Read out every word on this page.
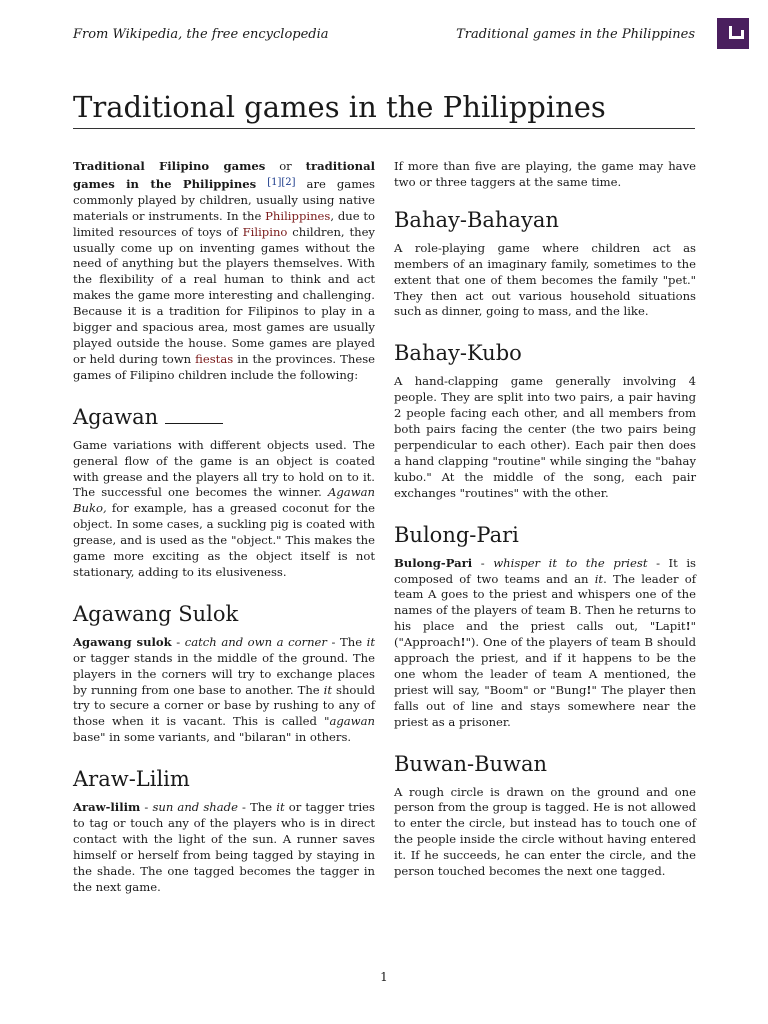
From Wikipedia, the free encyclopedia	Traditional games in the Philippines
Traditional games in the Philippines

Traditional Filipino games or traditional games in the Philippines [1][2] are games commonly played by children, usually using native materials or instruments. In the Philippines, due to limited resources of toys of Filipino children, they usually come up on inventing games without the need of anything but the players themselves. With the flexibility of a real human to think and act makes the game more interesting and challenging. Because it is a tradition for Filipinos to play in a bigger and spacious area, most games are usually played outside the house. Some games are played or held during town fiestas in the provinces. These games of Filipino children include the following:

Agawan

Game variations with different objects used. The general flow of the game is an object is coated with grease and the players all try to hold on to it. The successful one becomes the winner. Agawan Buko, for example, has a greased coconut for the object. In some cases, a suckling pig is coated with grease, and is used as the "object." This makes the game more exciting as the object itself is not stationary, adding to its elusiveness.

Agawang Sulok

Agawang sulok - catch and own a corner - The it or tagger stands in the middle of the ground. The players in the corners will try to exchange places by running from one base to another. The it should try to secure a corner or base by rushing to any of those when it is vacant. This is called "agawan base" in some variants, and "bilaran" in others.

Araw-Lilim

Araw-lilim - sun and shade - The it or tagger tries to tag or touch any of the players who is in direct contact with the light of the sun. A runner saves himself or herself from being tagged by staying in the shade. The one tagged becomes the tagger in the next game.

If more than five are playing, the game may have two or three taggers at the same time.

Bahay-Bahayan

A role-playing game where children act as members of an imaginary family, sometimes to the extent that one of them becomes the family "pet." They then act out various household situations such as dinner, going to mass, and the like.

Bahay-Kubo

A hand-clapping game generally involving 4 people. They are split into two pairs, a pair having 2 people facing each other, and all members from both pairs facing the center (the two pairs being perpendicular to each other). Each pair then does a hand clapping "routine" while singing the "bahay kubo." At the middle of the song, each pair exchanges "routines" with the other.

Bulong-Pari

Bulong-Pari - whisper it to the priest - It is composed of two teams and an it. The leader of team A goes to the priest and whispers one of the names of the players of team B. Then he returns to his place and the priest calls out, "Lapit!" ("Approach!"). One of the players of team B should approach the priest, and if it happens to be the one whom the leader of team A mentioned, the priest will say, "Boom" or "Bung!" The player then falls out of line and stays somewhere near the priest as a prisoner.

Buwan-Buwan

A rough circle is drawn on the ground and one person from the group is tagged. He is not allowed to enter the circle, but instead has to touch one of the people inside the circle without having entered it. If he succeeds, he can enter the circle, and the person touched becomes the next one tagged.

1
